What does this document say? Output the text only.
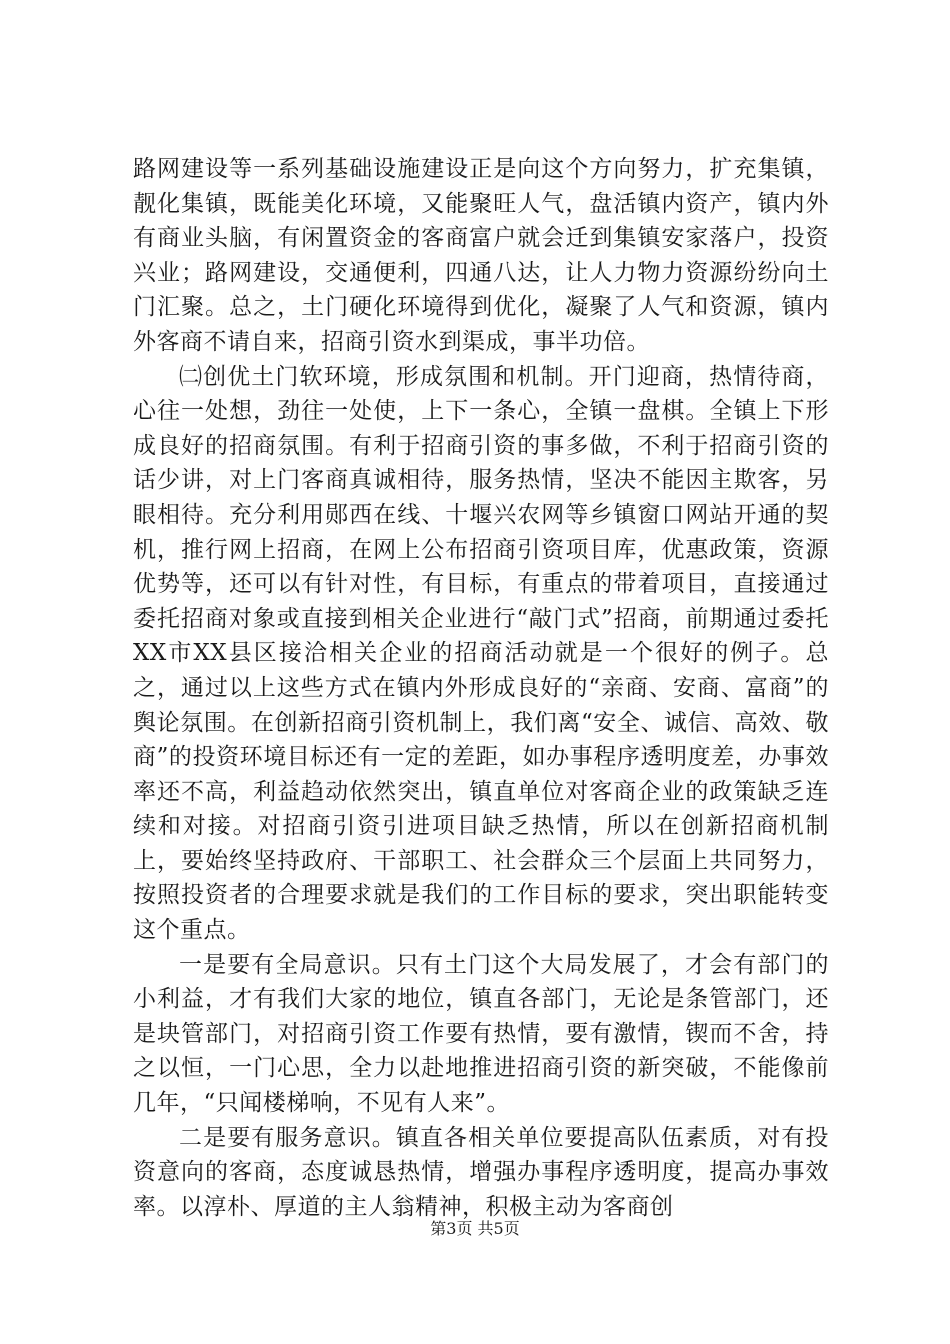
路网建设等一系列基础设施建设正是向这个方向努力，扩充集镇，靓化集镇，既能美化环境，又能聚旺人气，盘活镇内资产，镇内外有商业头脑，有闲置资金的客商富户就会迁到集镇安家落户，投资兴业；路网建设，交通便利，四通八达，让人力物力资源纷纷向土门汇聚。总之，土门硬化环境得到优化，凝聚了人气和资源，镇内外客商不请自来，招商引资水到渠成，事半功倍。

㈡创优土门软环境，形成氛围和机制。开门迎商，热情待商，心往一处想，劲往一处使，上下一条心，全镇一盘棋。全镇上下形成良好的招商氛围。有利于招商引资的事多做，不利于招商引资的话少讲，对上门客商真诚相待，服务热情，坚决不能因主欺客，另眼相待。充分利用郧西在线、十堰兴农网等乡镇窗口网站开通的契机，推行网上招商，在网上公布招商引资项目库，优惠政策，资源优势等，还可以有针对性，有目标，有重点的带着项目，直接通过委托招商对象或直接到相关企业进行“敲门式”招商，前期通过委托XX市XX县区接洽相关企业的招商活动就是一个很好的例子。总之，通过以上这些方式在镇内外形成良好的“亲商、安商、富商”的舆论氛围。在创新招商引资机制上，我们离“安全、诚信、高效、敬商”的投资环境目标还有一定的差距，如办事程序透明度差，办事效率还不高，利益趋动依然突出，镇直单位对客商企业的政策缺乏连续和对接。对招商引资引进项目缺乏热情，所以在创新招商机制上，要始终坚持政府、干部职工、社会群众三个层面上共同努力，按照投资者的合理要求就是我们的工作目标的要求，突出职能转变这个重点。

一是要有全局意识。只有土门这个大局发展了，才会有部门的小利益，才有我们大家的地位，镇直各部门，无论是条管部门，还是块管部门，对招商引资工作要有热情，要有激情，锲而不舍，持之以恒，一门心思，全力以赴地推进招商引资的新突破，不能像前几年，“只闻楼梯响，不见有人来”。

二是要有服务意识。镇直各相关单位要提高队伍素质，对有投资意向的客商，态度诚恳热情，增强办事程序透明度，提高办事效率。以淳朴、厚道的主人翁精神，积极主动为客商创

第3页 共5页
